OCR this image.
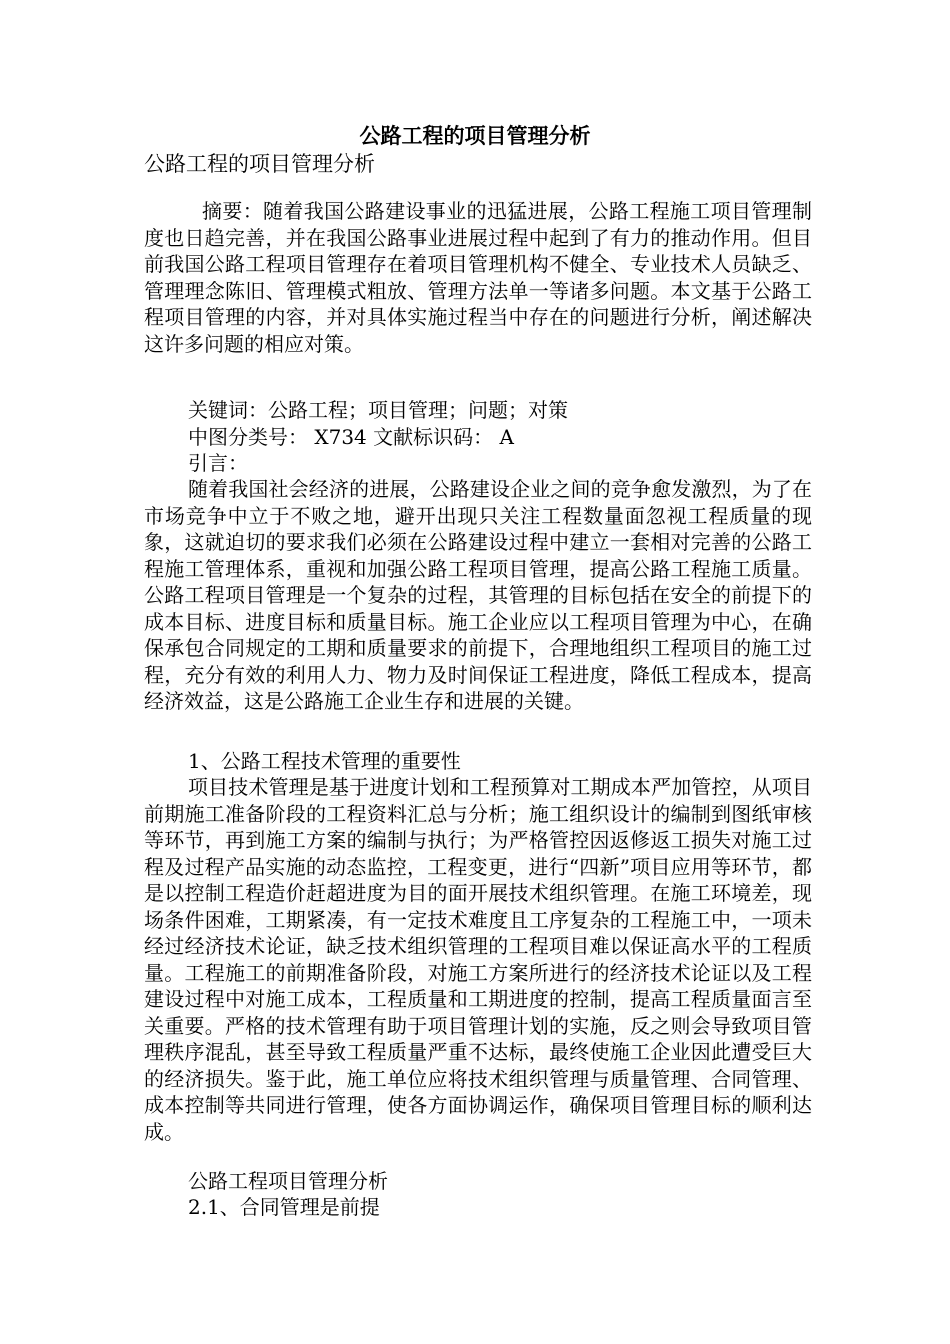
公路工程的项目管理分析

公路工程的项目管理分析

摘要：随着我国公路建设事业的迅猛进展，公路工程施工项目管理制度也日趋完善，并在我国公路事业进展过程中起到了有力的推动作用。但目前我国公路工程项目管理存在着项目管理机构不健全、专业技术人员缺乏、管理理念陈旧、管理模式粗放、管理方法单一等诸多问题。本文基于公路工程项目管理的内容，并对具体实施过程当中存在的问题进行分析，阐述解决这许多问题的相应对策。

关键词：公路工程；项目管理；问题；对策

中图分类号： X734 文献标识码： A

引言：

随着我国社会经济的进展，公路建设企业之间的竞争愈发激烈，为了在市场竞争中立于不败之地，避开出现只关注工程数量面忽视工程质量的现象，这就迫切的要求我们必须在公路建设过程中建立一套相对完善的公路工程施工管理体系，重视和加强公路工程项目管理，提高公路工程施工质量。公路工程项目管理是一个复杂的过程，其管理的目标包括在安全的前提下的成本目标、进度目标和质量目标。施工企业应以工程项目管理为中心，在确保承包合同规定的工期和质量要求的前提下，合理地组织工程项目的施工过程，充分有效的利用人力、物力及时间保证工程进度，降低工程成本，提高经济效益，这是公路施工企业生存和进展的关键。

1、公路工程技术管理的重要性

项目技术管理是基于进度计划和工程预算对工期成本严加管控，从项目前期施工准备阶段的工程资料汇总与分析；施工组织设计的编制到图纸审核等环节，再到施工方案的编制与执行；为严格管控因返修返工损失对施工过程及过程产品实施的动态监控，工程变更，进行“四新”项目应用等环节，都是以控制工程造价赶超进度为目的面开展技术组织管理。在施工环境差，现场条件困难，工期紧凑，有一定技术难度且工序复杂的工程施工中，一项未经过经济技术论证，缺乏技术组织管理的工程项目难以保证高水平的工程质量。工程施工的前期准备阶段，对施工方案所进行的经济技术论证以及工程建设过程中对施工成本，工程质量和工期进度的控制，提高工程质量面言至关重要。严格的技术管理有助于项目管理计划的实施，反之则会导致项目管理秩序混乱，甚至导致工程质量严重不达标，最终使施工企业因此遭受巨大的经济损失。鉴于此，施工单位应将技术组织管理与质量管理、合同管理、成本控制等共同进行管理，使各方面协调运作，确保项目管理目标的顺利达成。

公路工程项目管理分析

2.1、合同管理是前提
